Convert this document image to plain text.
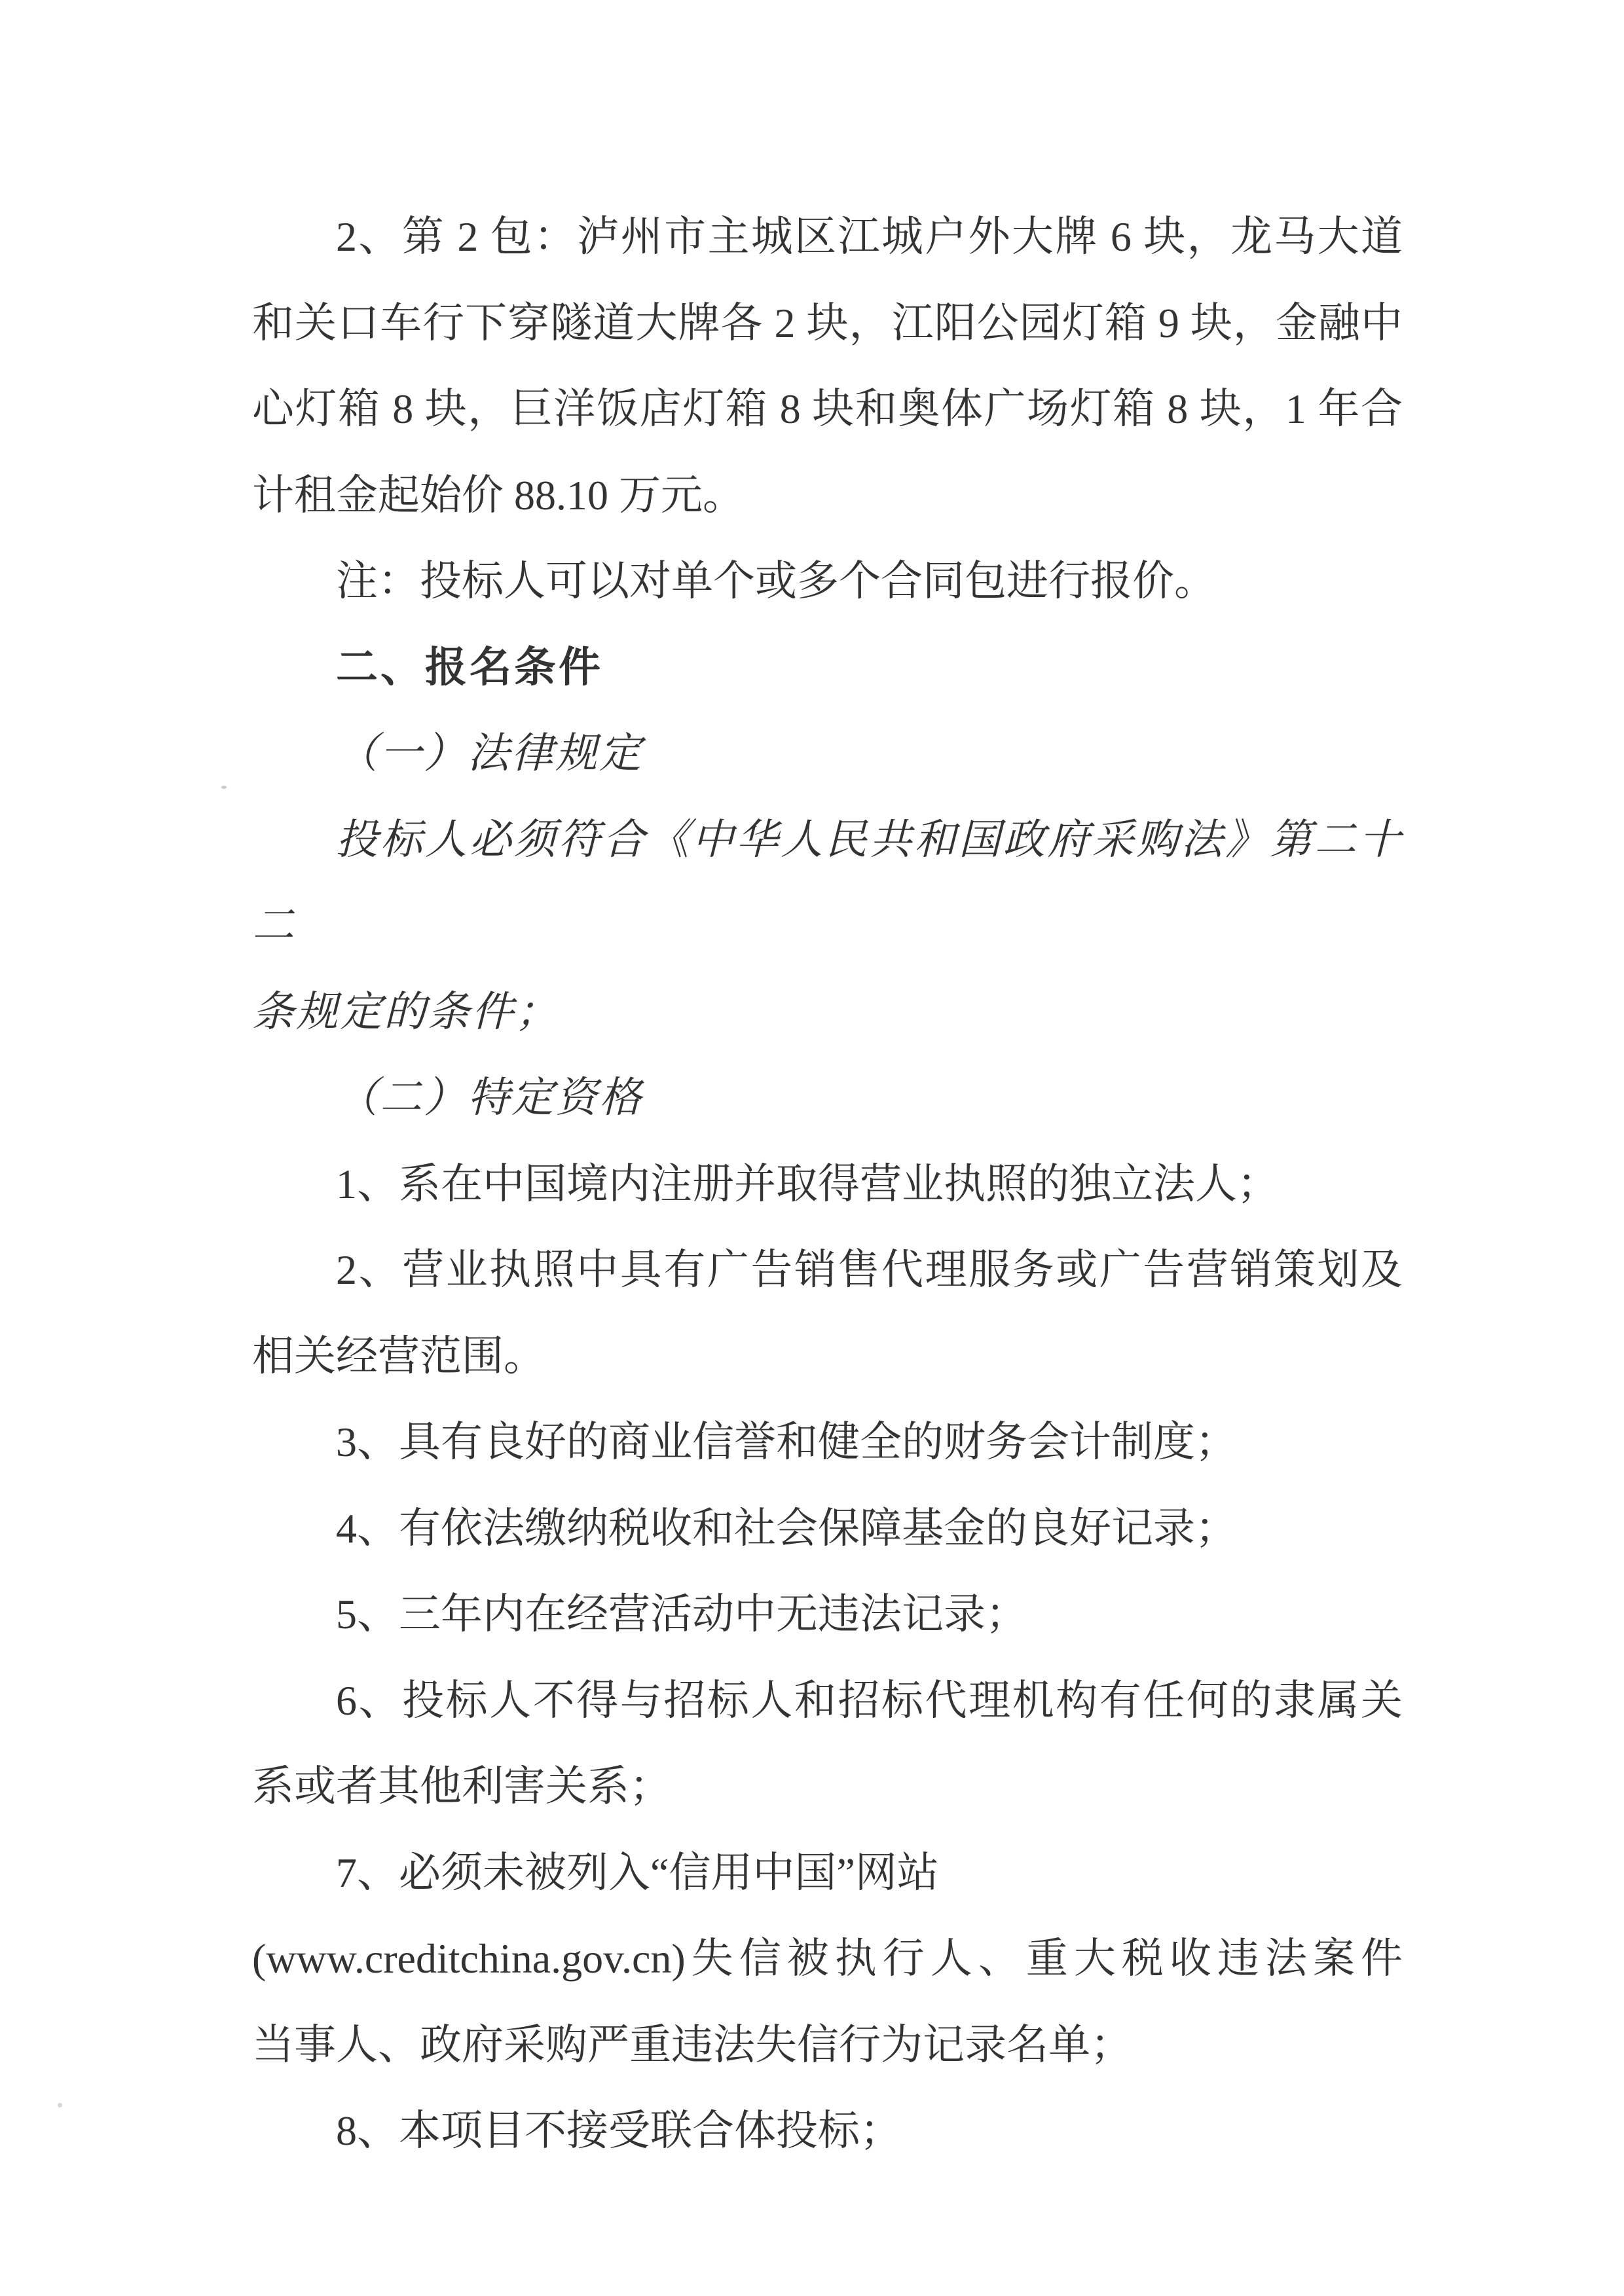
2、第 2 包：泸州市主城区江城户外大牌 6 块，龙马大道
和关口车行下穿隧道大牌各 2 块，江阳公园灯箱 9 块，金融中
心灯箱 8 块，巨洋饭店灯箱 8 块和奥体广场灯箱 8 块，1 年合
计租金起始价 88.10 万元。
注：投标人可以对单个或多个合同包进行报价。
二、报名条件
（一）法律规定
投标人必须符合《中华人民共和国政府采购法》第二十二
条规定的条件；
（二）特定资格
1、系在中国境内注册并取得营业执照的独立法人；
2、营业执照中具有广告销售代理服务或广告营销策划及
相关经营范围。
3、具有良好的商业信誉和健全的财务会计制度；
4、有依法缴纳税收和社会保障基金的良好记录；
5、三年内在经营活动中无违法记录；
6、投标人不得与招标人和招标代理机构有任何的隶属关
系或者其他利害关系；
7、必须未被列入“信用中国”网站
(www.creditchina.gov.cn)失信被执行人、重大税收违法案件
当事人、政府采购严重违法失信行为记录名单；
8、本项目不接受联合体投标；
